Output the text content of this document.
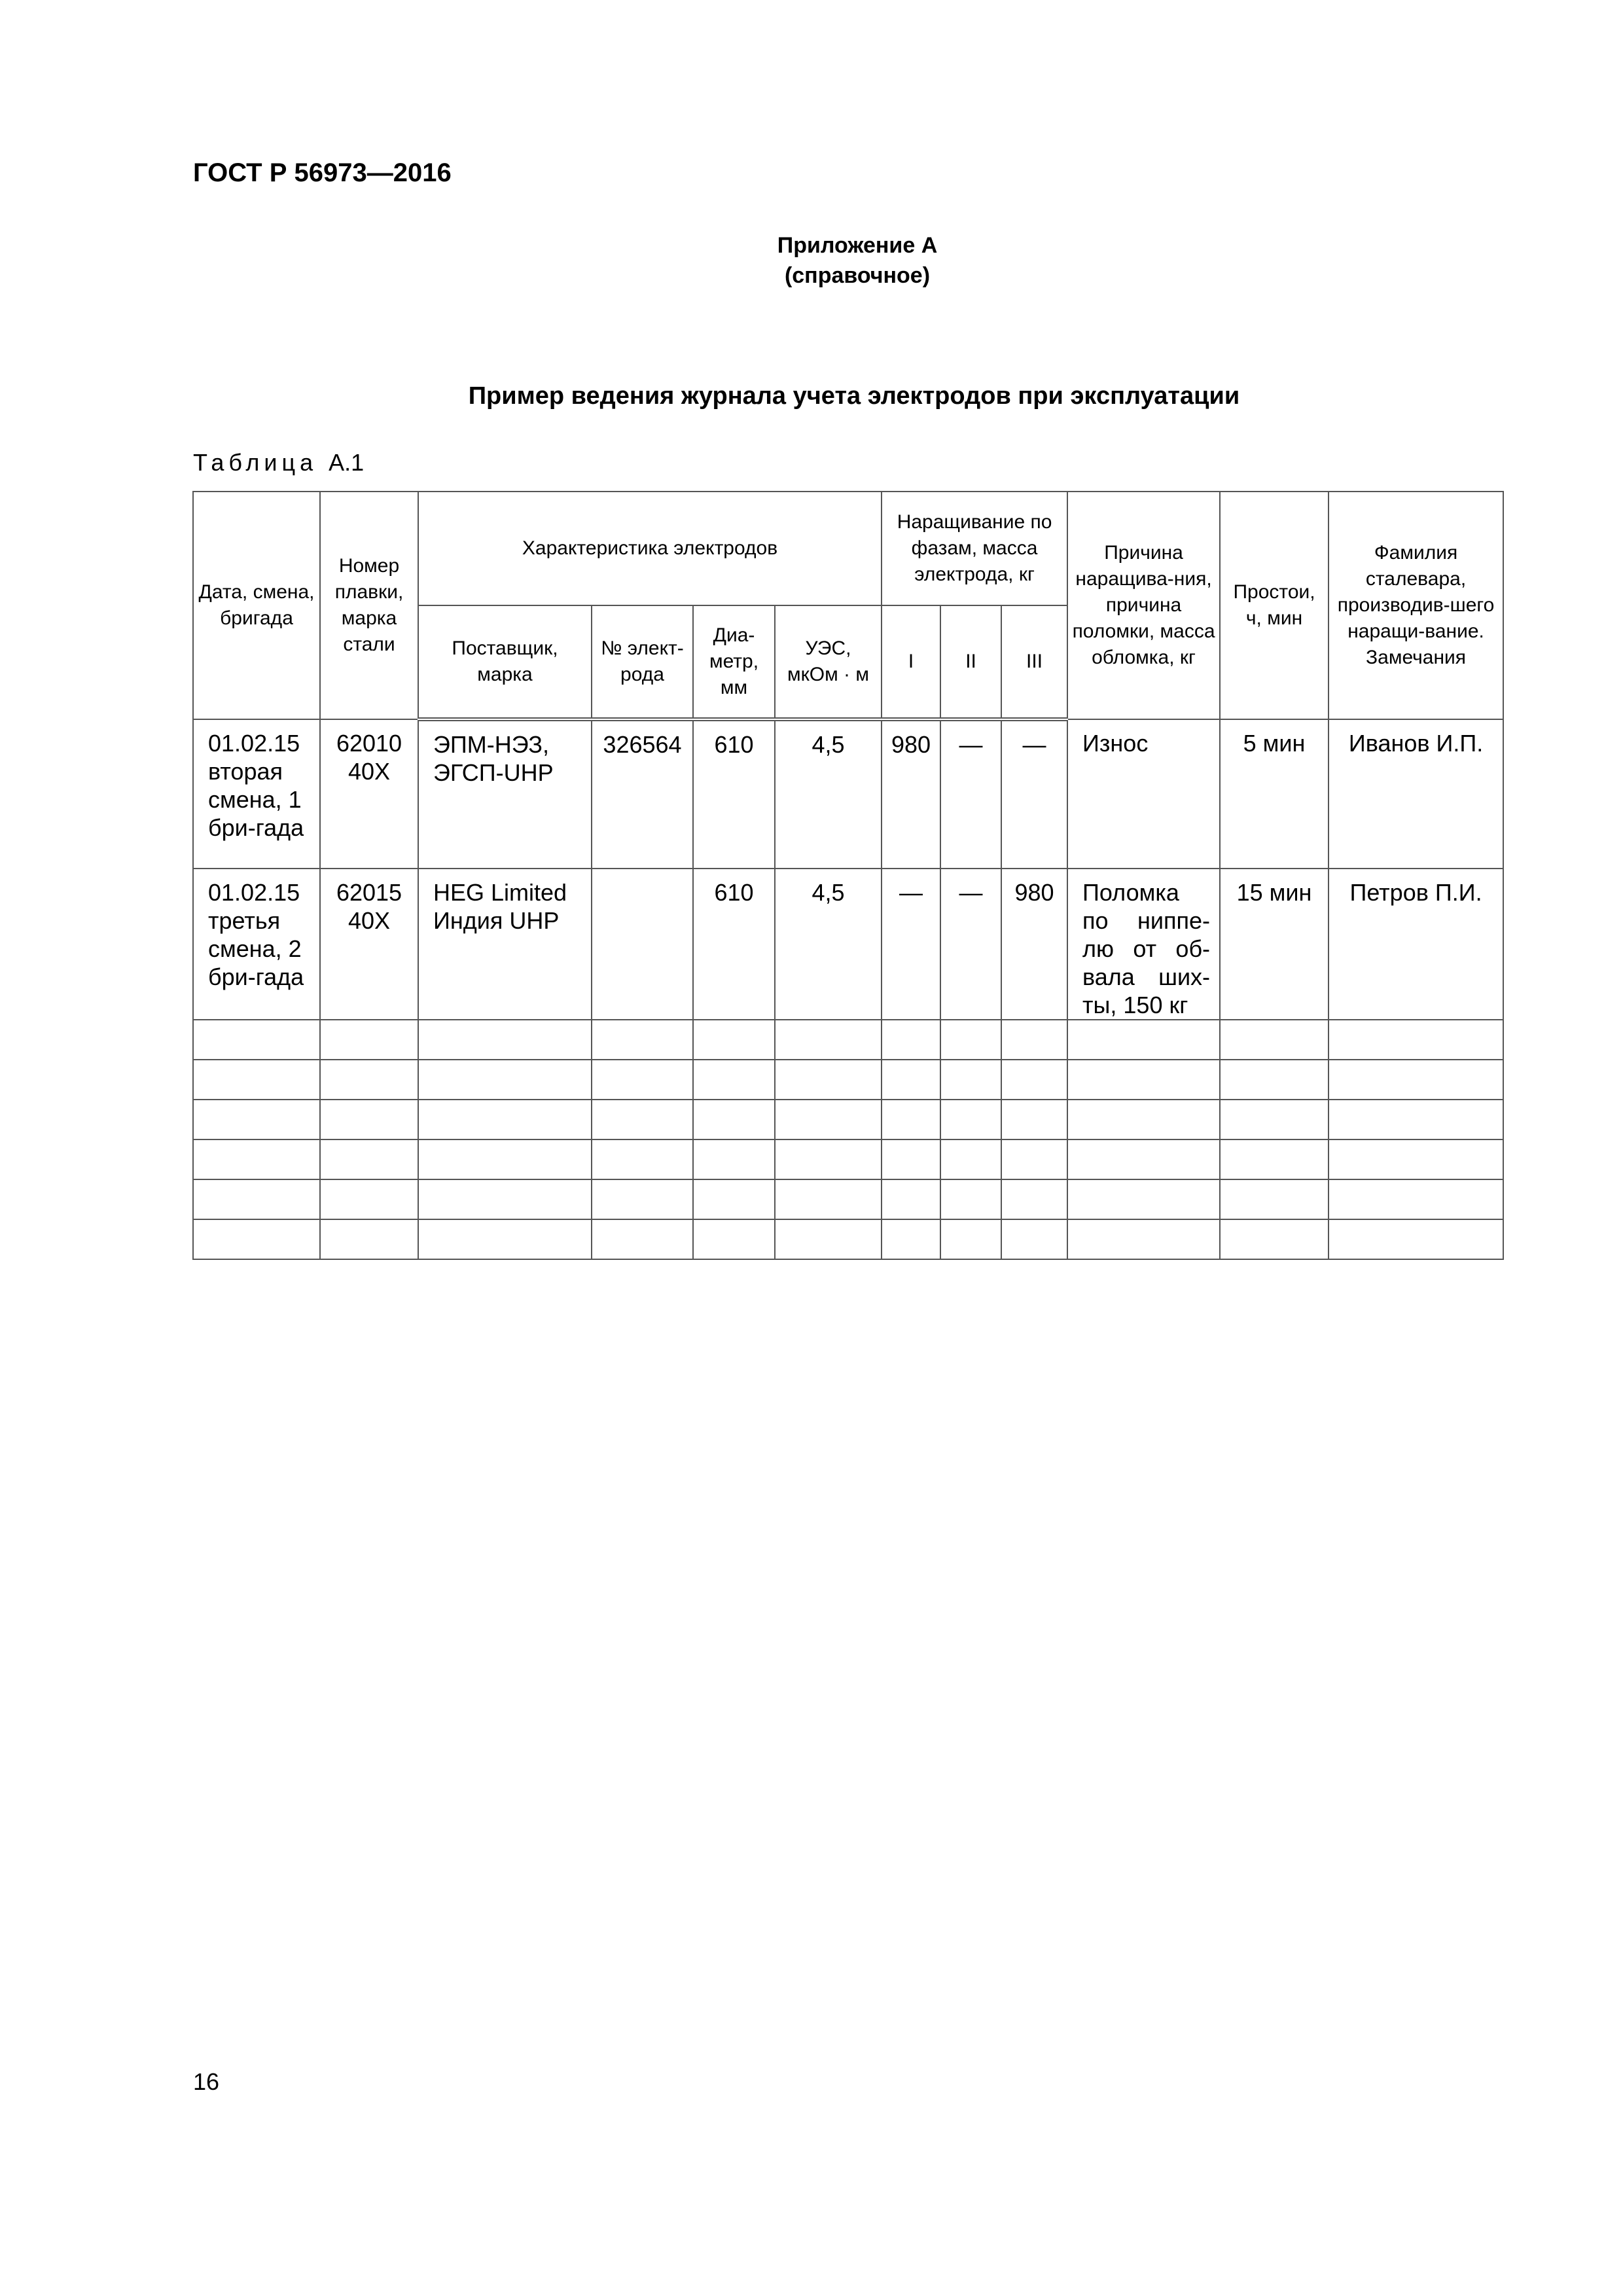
ГОСТ Р 56973—2016
Приложение А
(справочное)
Пример ведения журнала учета электродов при эксплуатации
Таблица А.1
Дата, смена, бригада	Номер плавки, марка стали	Характеристика электродов				Наращивание по фазам, масса электрода, кг			Причина наращива-ния, причина поломки, масса обломка, кг	Простои, ч, мин	Фамилия сталевара, производив-шего наращи-вание. Замечания
		Поставщик, марка	№ элект-рода	Диа-метр, мм	УЭС, мкОм · м	I	II	III			
01.02.15 вторая смена, 1 бри-гада	62010 40Х	ЭПМ-НЭЗ, ЭГСП-UHP	326564	610	4,5	980	—	—	Износ	5 мин	Иванов И.П.
01.02.15 третья смена, 2 бри-гада	62015 40Х	HEG Limited Индия UHP		610	4,5	—	—	980	Поломка по ниппе-лю от об-вала ших-ты, 150 кг	15 мин	Петров П.И.

16
